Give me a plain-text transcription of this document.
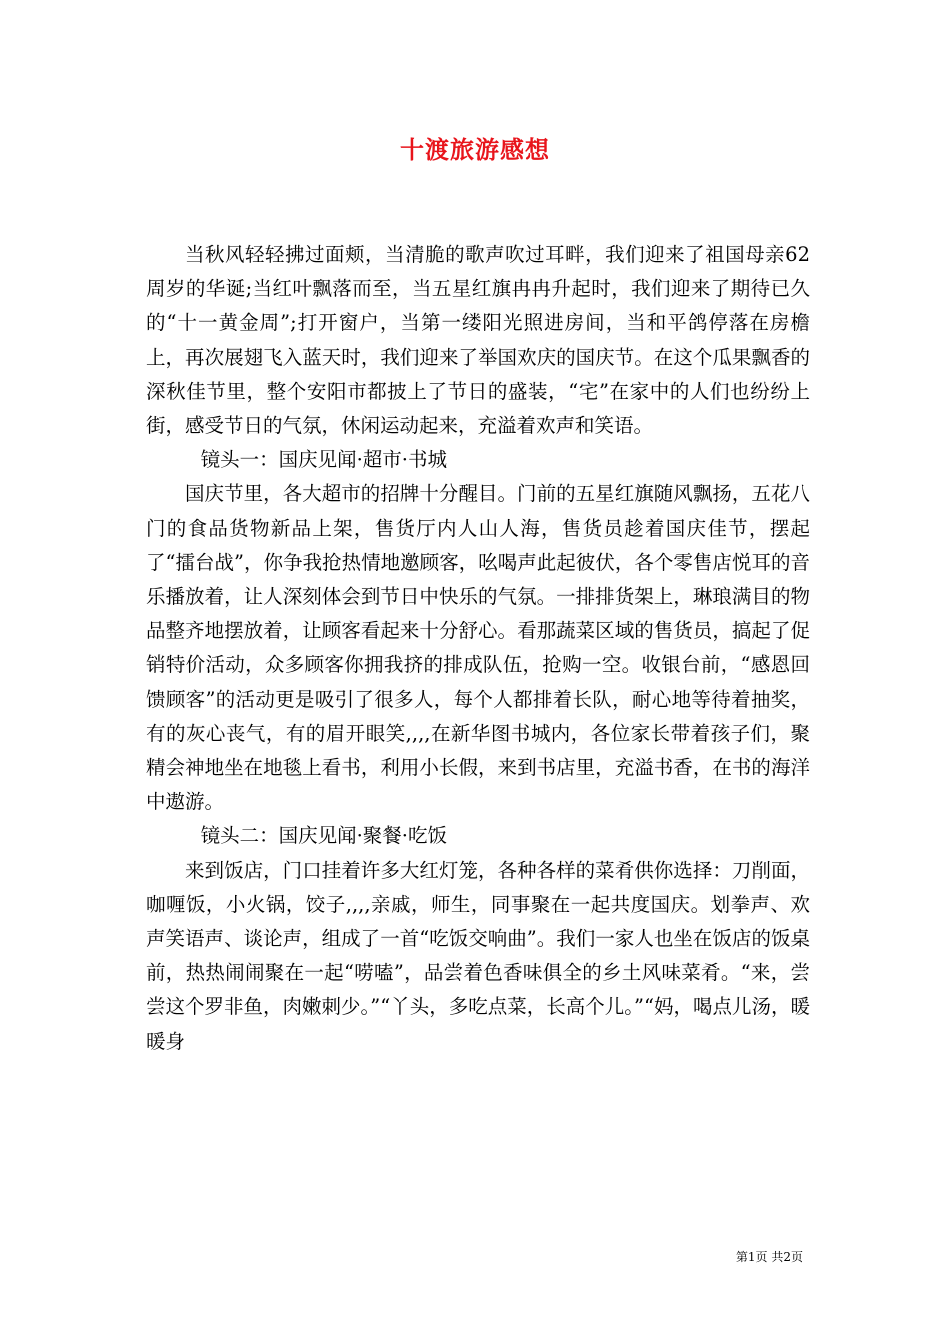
十渡旅游感想

当秋风轻轻拂过面颊，当清脆的歌声吹过耳畔，我们迎来了祖国母亲62周岁的华诞;当红叶飘落而至，当五星红旗冉冉升起时，我们迎来了期待已久的“十一黄金周”;打开窗户，当第一缕阳光照进房间，当和平鸽停落在房檐上，再次展翅飞入蓝天时，我们迎来了举国欢庆的国庆节。在这个瓜果飘香的深秋佳节里，整个安阳市都披上了节日的盛装，“宅”在家中的人们也纷纷上街，感受节日的气氛，休闲运动起来，充溢着欢声和笑语。

镜头一：国庆见闻·超市·书城

国庆节里，各大超市的招牌十分醒目。门前的五星红旗随风飘扬，五花八门的食品货物新品上架，售货厅内人山人海，售货员趁着国庆佳节，摆起了“擂台战”，你争我抢热情地邀顾客，吆喝声此起彼伏，各个零售店悦耳的音乐播放着，让人深刻体会到节日中快乐的气氛。一排排货架上，琳琅满目的物品整齐地摆放着，让顾客看起来十分舒心。看那蔬菜区域的售货员，搞起了促销特价活动，众多顾客你拥我挤的排成队伍，抢购一空。收银台前，“感恩回馈顾客”的活动更是吸引了很多人，每个人都排着长队，耐心地等待着抽奖，有的灰心丧气，有的眉开眼笑,,,,在新华图书城内，各位家长带着孩子们，聚精会神地坐在地毯上看书，利用小长假，来到书店里，充溢书香，在书的海洋中遨游。

镜头二：国庆见闻·聚餐·吃饭

来到饭店，门口挂着许多大红灯笼，各种各样的菜肴供你选择：刀削面，咖喱饭，小火锅，饺子,,,,亲戚，师生，同事聚在一起共度国庆。划拳声、欢声笑语声、谈论声，组成了一首“吃饭交响曲”。我们一家人也坐在饭店的饭桌前，热热闹闹聚在一起“唠嗑”，品尝着色香味俱全的乡土风味菜肴。“来，尝尝这个罗非鱼，肉嫩刺少。”“丫头，多吃点菜，长高个儿。”“妈，喝点儿汤，暖暖身

第1页 共2页
